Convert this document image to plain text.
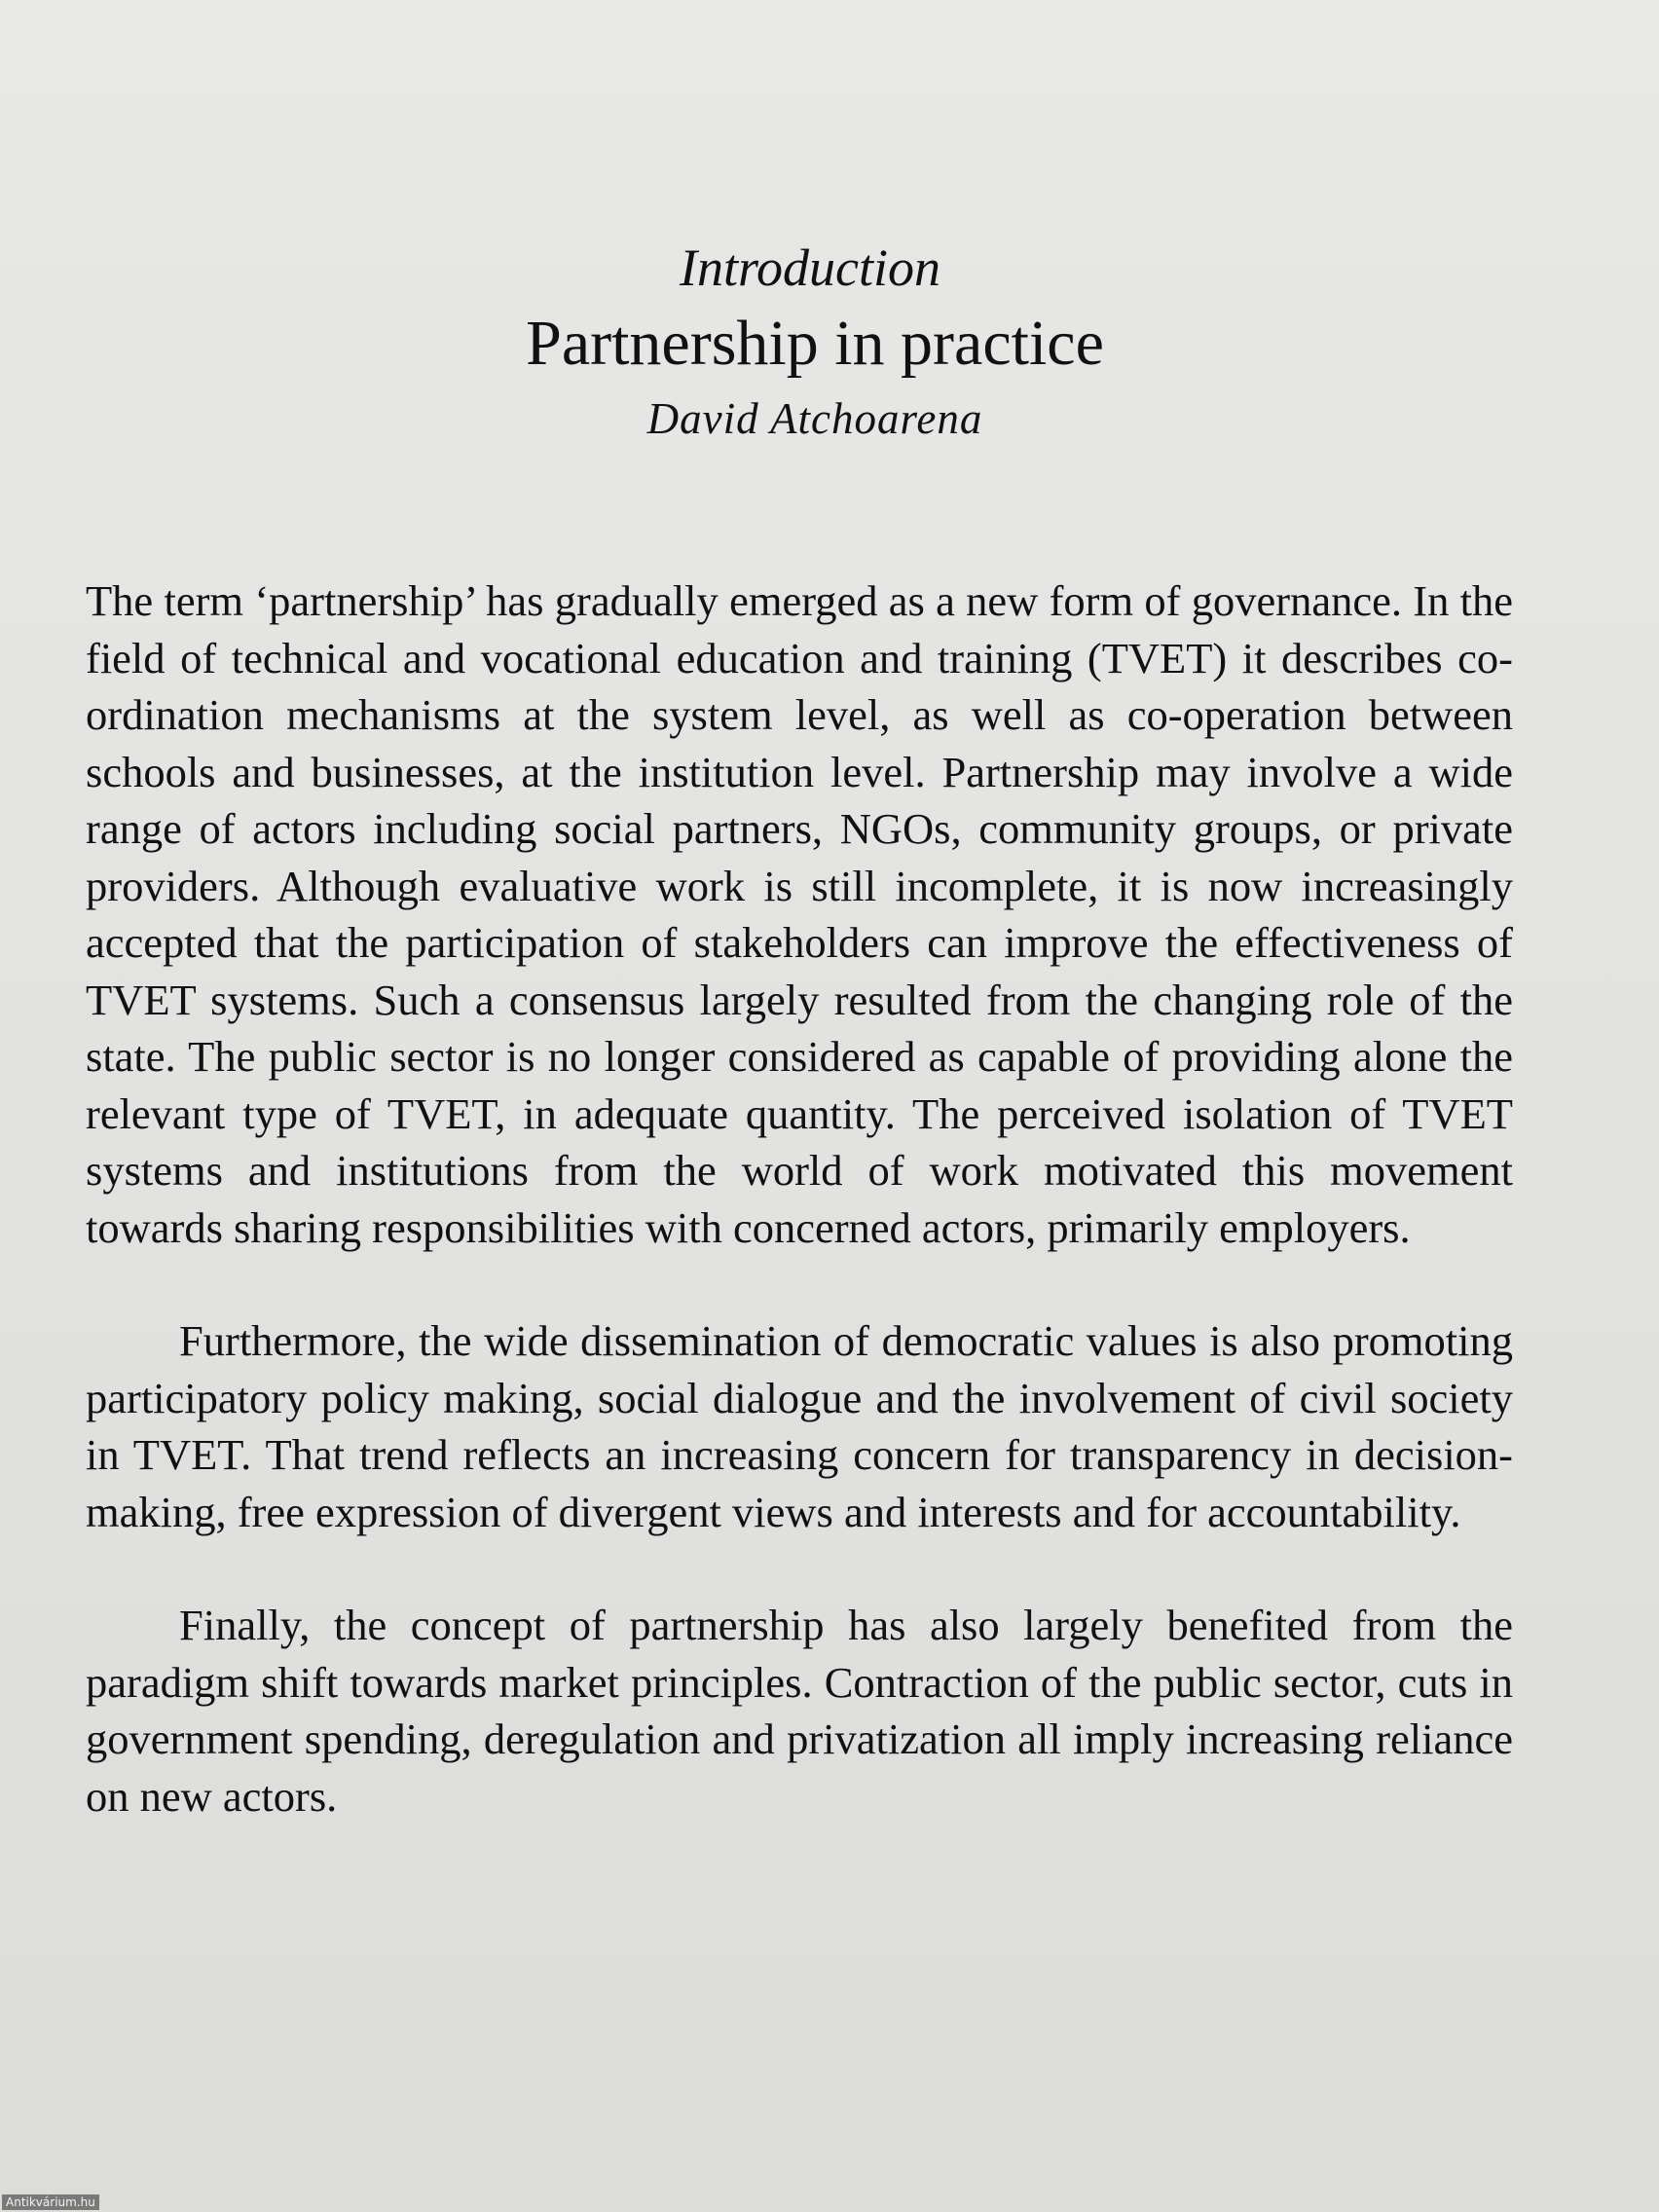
Introduction
Partnership in practice
David Atchoarena

The term ‘partnership’ has gradually emerged as a new form of governance. In the field of technical and vocational education and training (TVET) it describes co-ordination mechanisms at the system level, as well as co-operation between schools and businesses, at the institution level. Partnership may involve a wide range of actors including social partners, NGOs, community groups, or private providers. Although evaluative work is still incomplete, it is now increasingly accepted that the participation of stakeholders can improve the effectiveness of TVET systems. Such a consensus largely resulted from the changing role of the state. The public sector is no longer considered as capable of providing alone the relevant type of TVET, in adequate quantity. The perceived isolation of TVET systems and institutions from the world of work motivated this movement towards sharing responsibilities with concerned actors, primarily employers.

Furthermore, the wide dissemination of democratic values is also promoting participatory policy making, social dialogue and the involvement of civil society in TVET. That trend reflects an increasing concern for transparency in decision-making, free expression of divergent views and interests and for accountability.

Finally, the concept of partnership has also largely benefited from the paradigm shift towards market principles. Contraction of the public sector, cuts in government spending, deregulation and privatization all imply increasing reliance on new actors.

Antikvárium.hu
